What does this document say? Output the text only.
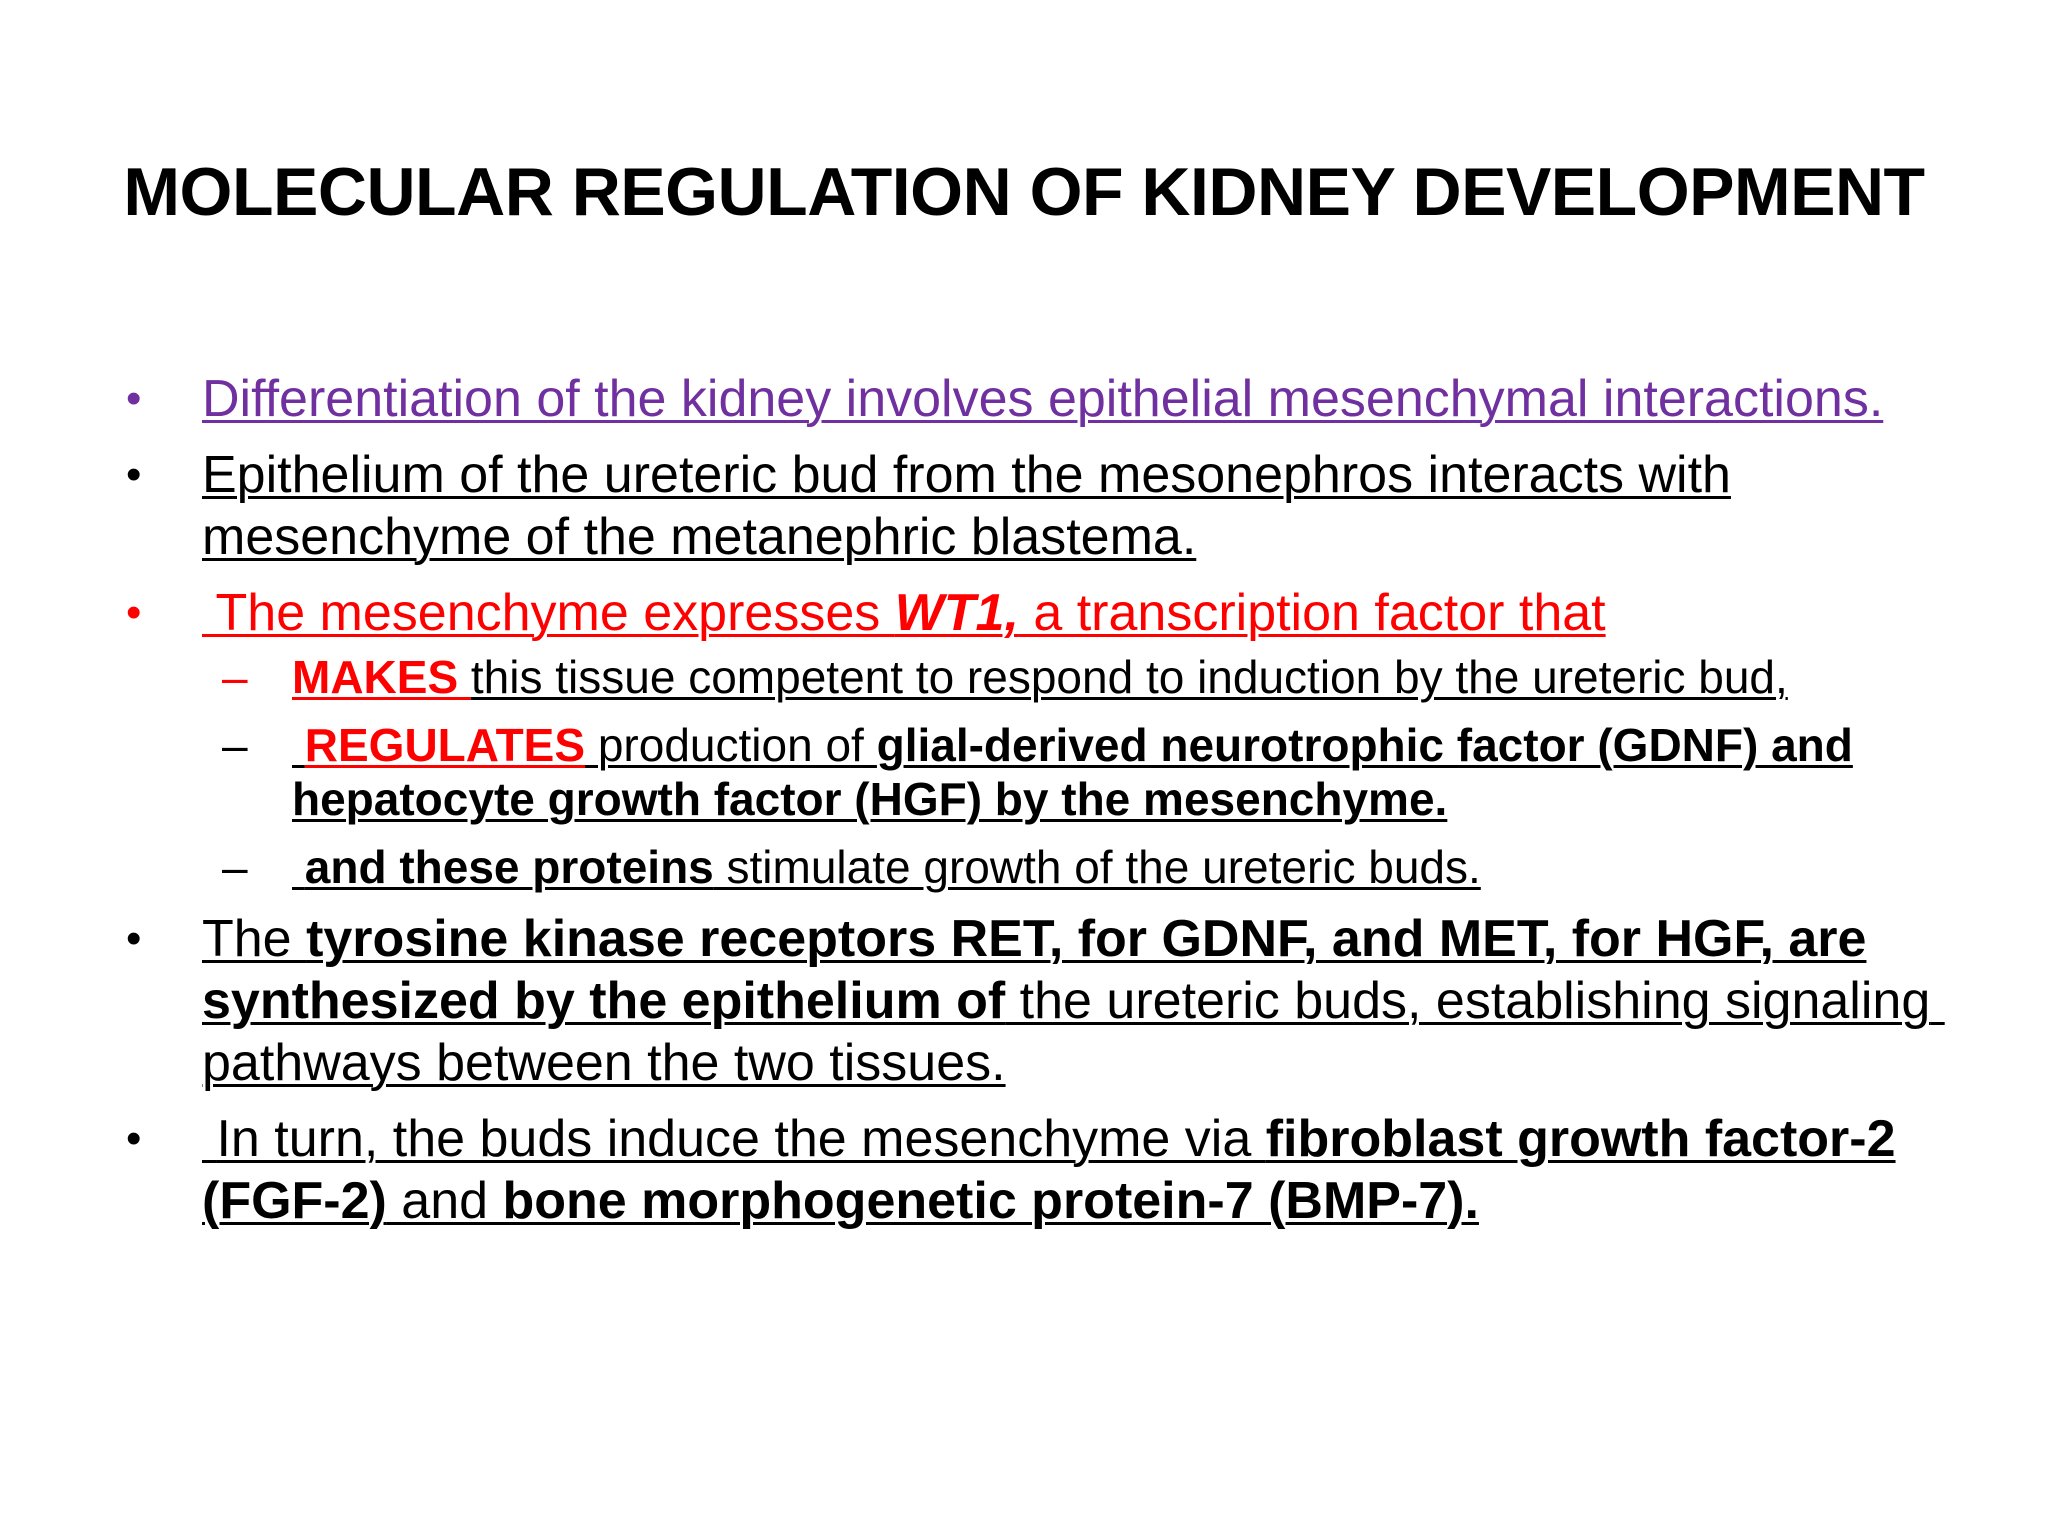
MOLECULAR REGULATION OF KIDNEY DEVELOPMENT
• Differentiation of the kidney involves epithelial mesenchymal interactions.
• Epithelium of the ureteric bud from the mesonephros interacts with mesenchyme of the metanephric blastema.
• The mesenchyme expresses WT1, a transcription factor that
– MAKES this tissue competent to respond to induction by the ureteric bud,
– REGULATES production of glial-derived neurotrophic factor (GDNF) and hepatocyte growth factor (HGF) by the mesenchyme.
– and these proteins stimulate growth of the ureteric buds.
• The tyrosine kinase receptors RET, for GDNF, and MET, for HGF, are synthesized by the epithelium of the ureteric buds, establishing signaling pathways between the two tissues.
• In turn, the buds induce the mesenchyme via fibroblast growth factor-2 (FGF-2) and bone morphogenetic protein-7 (BMP-7).
